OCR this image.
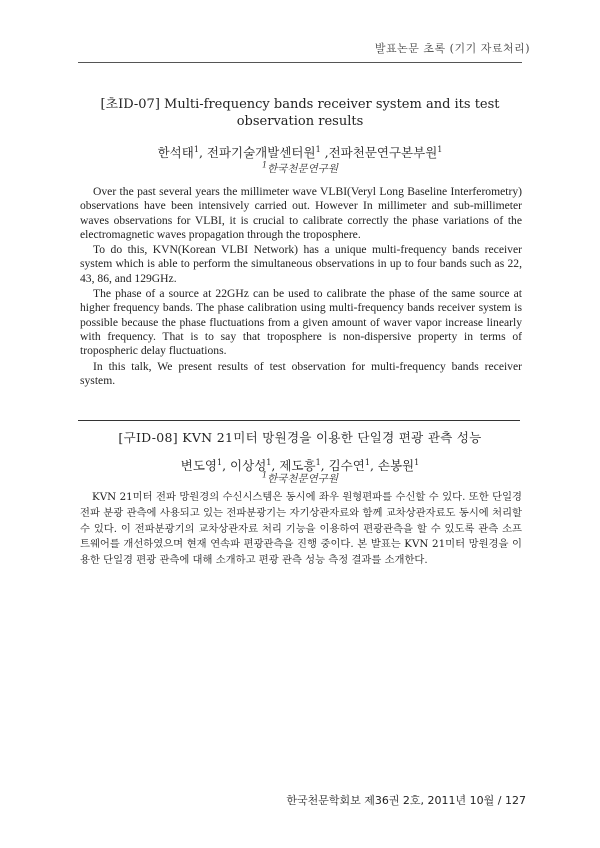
발표논문 초록 (기기 자료처리)
[초ID-07] Multi-frequency bands receiver system and its test observation results
한석태$^1$, 전파기술개발센터원$^1$ ,전파천문연구본부원$^1$
$^1$한국천문연구원

Over the past several years the millimeter wave VLBI(Veryl Long Baseline Interferometry) observations have been intensively carried out. However In millimeter and sub-millimeter waves observations for VLBI, it is crucial to calibrate correctly the phase variations of the electromagnetic waves propagation through the troposphere.

To do this, KVN(Korean VLBI Network) has a unique multi-frequency bands receiver system which is able to perform the simultaneous observations in up to four bands such as 22, 43, 86, and 129GHz.

The phase of a source at 22GHz can be used to calibrate the phase of the same source at higher frequency bands. The phase calibration using multi-frequency bands receiver system is possible because the phase fluctuations from a given amount of waver vapor increase linearly with frequency. That is to say that troposphere is non-dispersive property in terms of tropospheric delay fluctuations.

In this talk, We present results of test observation for multi-frequency bands receiver system.

[구ID-08] KVN 21미터 망원경을 이용한 단일경 편광 관측 성능
변도영$^1$, 이상성$^1$, 제도흥$^1$, 김수연$^1$, 손봉원$^1$
$^1$한국천문연구원

KVN 21미터 전파 망원경의 수신시스템은 동시에 좌우 원형편파를 수신할 수 있다. 또한 단일경 전파 분광 관측에 사용되고 있는 전파분광기는 자기상관자료와 함께 교차상관자료도 동시에 처리할 수 있다. 이 전파분광기의 교차상관자료 처리 기능을 이용하여 편광관측을 할 수 있도록 관측 소프트웨어를 개선하였으며 현재 연속파 편광관측을 진행 중이다. 본 발표는 KVN 21미터 망원경을 이용한 단일경 편광 관측에 대해 소개하고 편광 관측 성능 측정 결과를 소개한다.

한국천문학회보 제36권 2호, 2011년 10월 / 127
